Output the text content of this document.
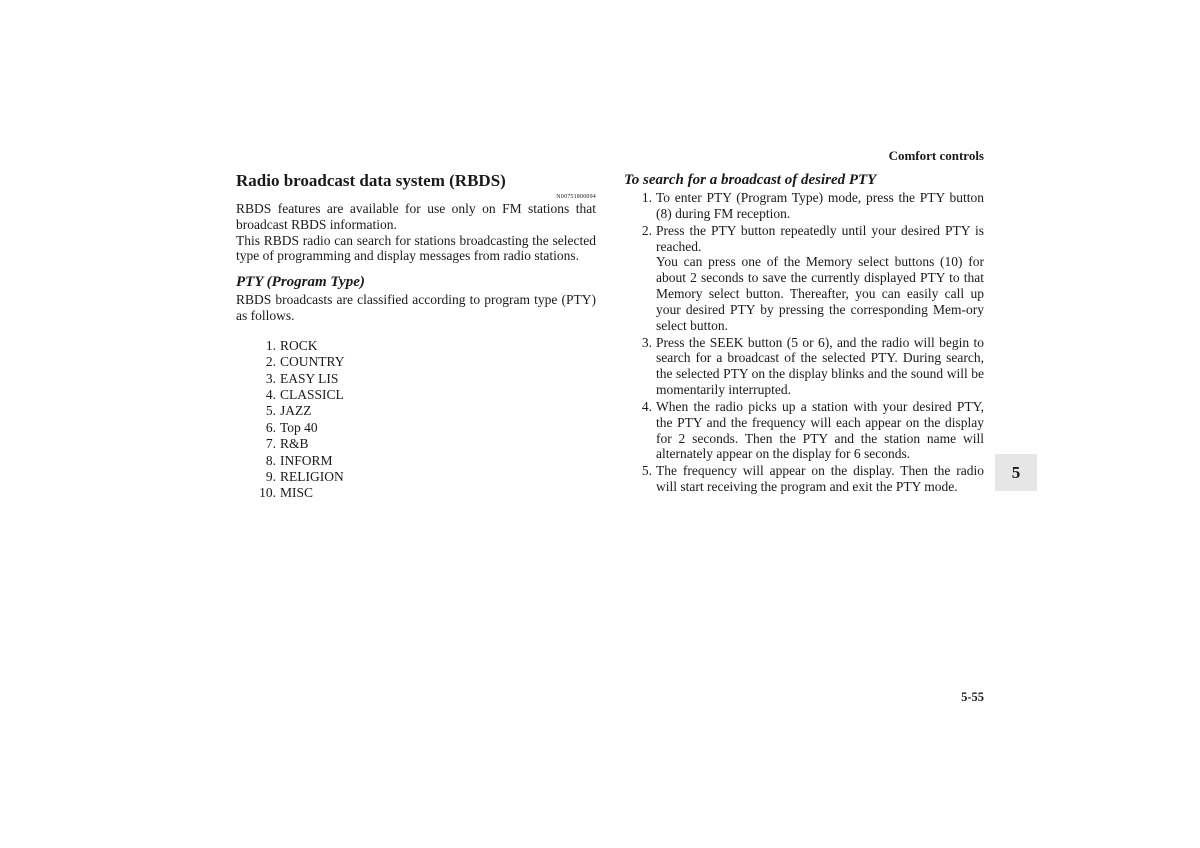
Comfort controls
Radio broadcast data system (RBDS)
N00751800094

RBDS features are available for use only on FM stations that broadcast RBDS information.

This RBDS radio can search for stations broadcasting the selected type of programming and display messages from radio stations.

PTY (Program Type)

RBDS broadcasts are classified according to program type (PTY) as follows.

1. ROCK
2. COUNTRY
3. EASY LIS
4. CLASSICL
5. JAZZ
6. Top 40
7. R&B
8. INFORM
9. RELIGION
10. MISC
To search for a broadcast of desired PTY
1. To enter PTY (Program Type) mode, press the PTY button (8) during FM reception.
2. Press the PTY button repeatedly until your desired PTY is reached.
You can press one of the Memory select buttons (10) for about 2 seconds to save the currently displayed PTY to that Memory select button. Thereafter, you can easily call up your desired PTY by pressing the corresponding Mem-ory select button.
3. Press the SEEK button (5 or 6), and the radio will begin to search for a broadcast of the selected PTY. During search, the selected PTY on the display blinks and the sound will be momentarily interrupted.
4. When the radio picks up a station with your desired PTY, the PTY and the frequency will each appear on the display for 2 seconds. Then the PTY and the station name will alternately appear on the display for 6 seconds.
5. The frequency will appear on the display. Then the radio will start receiving the program and exit the PTY mode.
5
5-55
